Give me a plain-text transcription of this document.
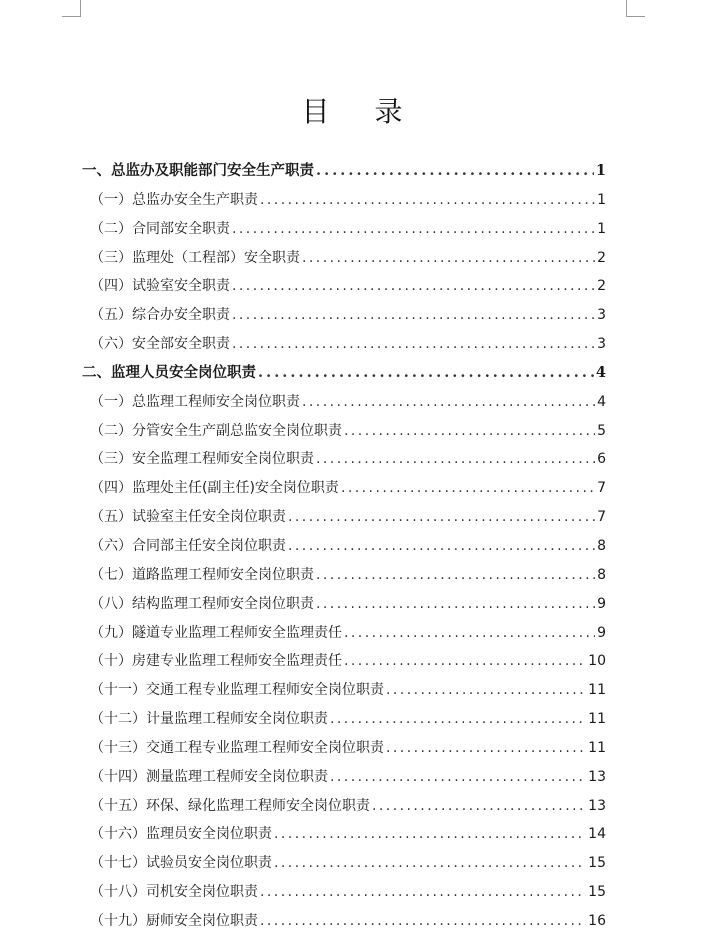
目 录
一、总监办及职能部门安全生产职责 . . .	1
（一）总监办安全生产职责 . . .	1
（二）合同部安全职责 . . .	1
（三）监理处（工程部）安全职责 . . .	2
（四）试验室安全职责 . . .	2
（五）综合办安全职责 . . .	3
（六）安全部安全职责 . . .	3
二、监理人员安全岗位职责 . . .	4
（一）总监理工程师安全岗位职责 . . .	4
（二）分管安全生产副总监安全岗位职责 . . .	5
（三）安全监理工程师安全岗位职责 . . .	6
（四）监理处主任(副主任)安全岗位职责 . . .	7
（五）试验室主任安全岗位职责 . . .	7
（六）合同部主任安全岗位职责 . . .	8
（七）道路监理工程师安全岗位职责 . . .	8
（八）结构监理工程师安全岗位职责 . . .	9
（九）隧道专业监理工程师安全监理责任 . . .	9
（十）房建专业监理工程师安全监理责任 . . .	10
（十一）交通工程专业监理工程师安全岗位职责 . . .	11
（十二）计量监理工程师安全岗位职责 . . .	11
（十三）交通工程专业监理工程师安全岗位职责 . . .	11
（十四）测量监理工程师安全岗位职责 . . .	13
（十五）环保、绿化监理工程师安全岗位职责 . . .	13
（十六）监理员安全岗位职责 . . .	14
（十七）试验员安全岗位职责 . . .	15
（十八）司机安全岗位职责 . . .	15
（十九）厨师安全岗位职责 . . .	16
